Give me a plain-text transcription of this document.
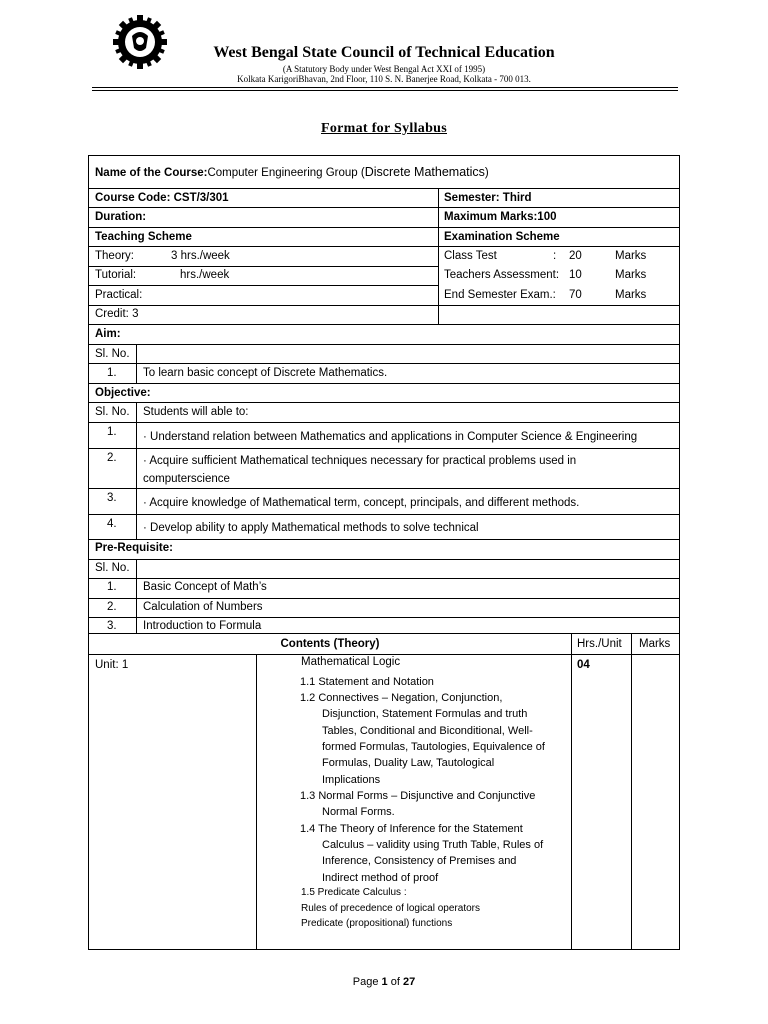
West Bengal State Council of Technical Education
(A Statutory Body under West Bengal Act XXI of 1995)
Kolkata KarigoriBhavan, 2nd Floor, 110 S. N. Banerjee Road, Kolkata - 700 013.
Format for Syllabus
Name of the Course:Computer Engineering Group (Discrete Mathematics)
Course Code: CST/3/301	Semester: Third
Duration:	Maximum Marks:100
Teaching Scheme	Examination Scheme
Theory:	3 hrs./week
Tutorial:	hrs./week
Practical:
Credit: 3
Class Test	: 20	Marks
Teachers Assessment: 10	Marks
End Semester Exam.: 70	Marks
Aim:
Sl. No.
1. To learn basic concept of Discrete Mathematics.
Objective:
Sl. No. Students will able to:
1. · Understand relation between Mathematics and applications in Computer Science & Engineering
2. · Acquire sufficient Mathematical techniques necessary for practical problems used in
computerscience
3. · Acquire knowledge of Mathematical term, concept, principals, and different methods.
4. · Develop ability to apply Mathematical methods to solve technical
Pre-Requisite:
Sl. No.
1. Basic Concept of Math’s
2. Calculation of Numbers
3. Introduction to Formula
Contents (Theory)	Hrs./Unit Marks
Unit: 1	Mathematical Logic	04
1.1 Statement and Notation
1.2 Connectives – Negation, Conjunction,
Disjunction, Statement Formulas and truth
Tables, Conditional and Biconditional, Well-
formed Formulas, Tautologies, Equivalence of
Formulas, Duality Law, Tautological
Implications
1.3 Normal Forms – Disjunctive and Conjunctive
Normal Forms.
1.4 The Theory of Inference for the Statement
Calculus – validity using Truth Table, Rules of
Inference, Consistency of Premises and
Indirect method of proof
1.5 Predicate Calculus :
Rules of precedence of logical operators
Predicate (propositional) functions
Page 1 of 27
